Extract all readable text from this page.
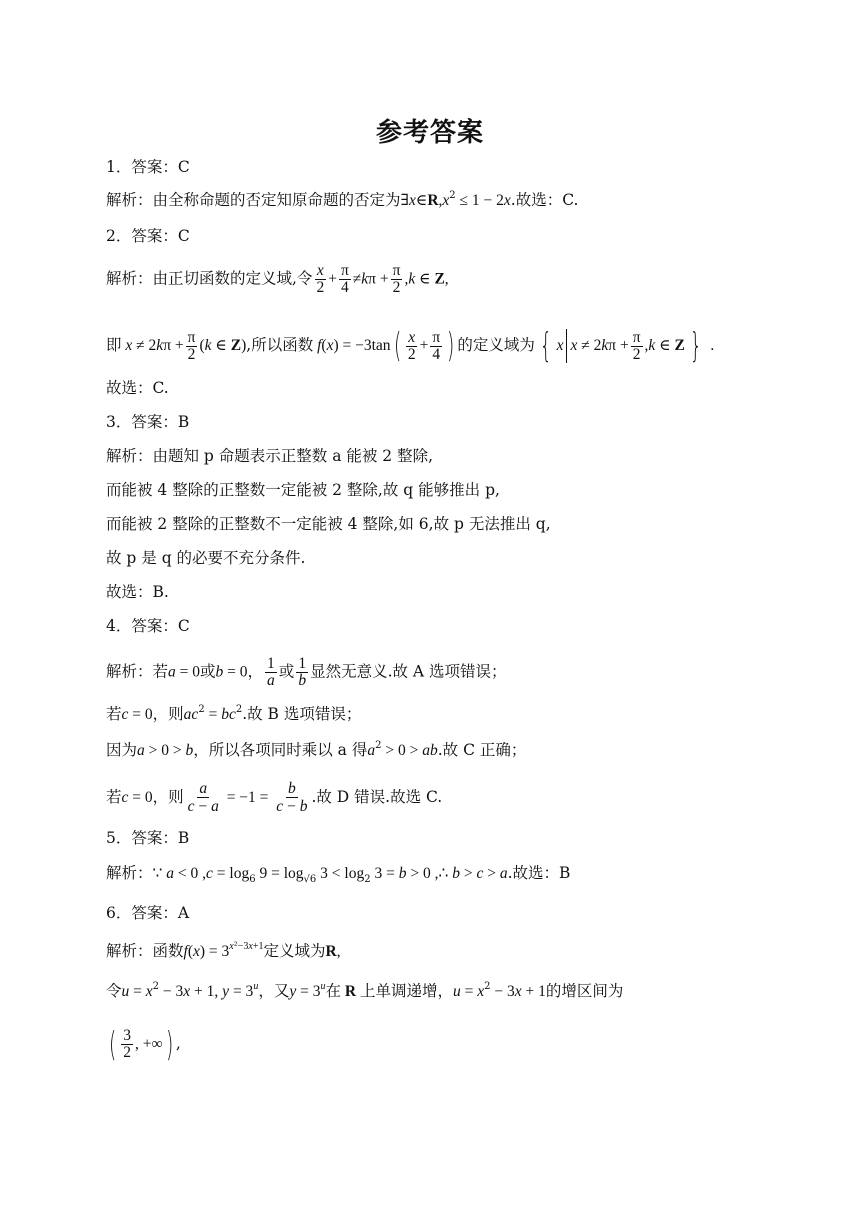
参考答案
1．答案：C
解析：由全称命题的否定知原命题的否定为$\exists x\in R,x^2 \le 1 - 2x$.故选：C.
2．答案：C
解析：由正切函数的定义域,令 $\frac{x}{2} + \frac{\pi}{4} \ne k\pi + \frac{\pi}{2} ,k$ ∈ Z,
即 $x \ne 2k\pi + \frac{\pi}{2} (k$ ∈ Z),所以函数 $f(x) = -3\tan( \frac{x}{2} + \frac{\pi}{4}$ ) 的定义域为 { x $x \ne 2k\pi + \frac{\pi}{2} ,k$ ∈ Z } .
故选：C.
3．答案：B
解析：由题知 p 命题表示正整数 a 能被 2 整除,
而能被 4 整除的正整数一定能被 2 整除,故 q 能够推出 p,
而能被 2 整除的正整数不一定能被 4 整除,如 6,故 p 无法推出 q,
故 p 是 q 的必要不充分条件.
故选：B.
4．答案：C
解析：若a = 0或b = 0， $\frac{1}{a}$ 或 $\frac{1}{b}$ 显然无意义.故 A 选项错误；
若c = 0，则$ac^2 = bc^2$.故 B 选项错误；
因为a > 0 > b，所以各项同时乘以 a 得$a^2 > 0$ > ab.故 C 正确；
若c = 0，则 $\frac{a}{c - a} = -1 = \frac{b}{c - b}$ .故 D 错误.故选 C.
5．答案：B
解析：∵ a < 0 $,c = \log_6 9 = \log_{√6} 3 < \log_2 3 = b > 0$ ,∴ b > c > a.故选：B
6．答案：A
解析：函数$f(x) = 3^{x^2-3x+1}$定义域为R,
令$u = x^2 - 3x + 1$, $y = 3^u$，又$y = 3^u$在 R 上单调递增，$u = x^2 - 3x + 1$的增区间为
( $\frac{3}{2}$ , +∞) ,
